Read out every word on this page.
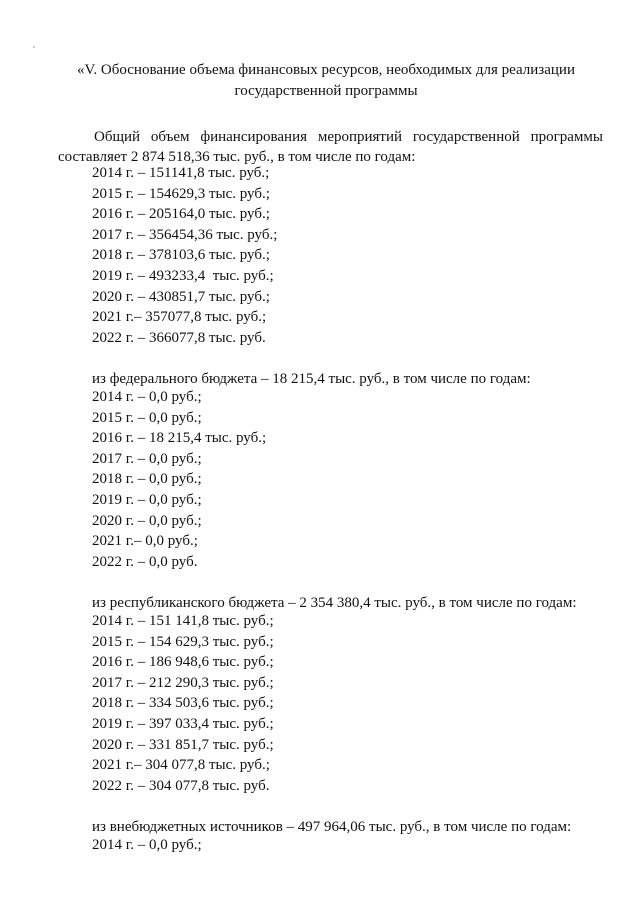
«V. Обоснование объема финансовых ресурсов, необходимых для реализации
государственной программы
Общий объем финансирования мероприятий государственной программы
составляет 2 874 518,36 тыс. руб., в том числе по годам:
2014 г. – 151141,8 тыс. руб.;
2015 г. – 154629,3 тыс. руб.;
2016 г. – 205164,0 тыс. руб.;
2017 г. – 356454,36 тыс. руб.;
2018 г. – 378103,6 тыс. руб.;
2019 г. – 493233,4  тыс. руб.;
2020 г. – 430851,7 тыс. руб.;
2021 г.– 357077,8 тыс. руб.;
2022 г. – 366077,8 тыс. руб.
из федерального бюджета – 18 215,4 тыс. руб., в том числе по годам:
2014 г. – 0,0 руб.;
2015 г. – 0,0 руб.;
2016 г. – 18 215,4 тыс. руб.;
2017 г. – 0,0 руб.;
2018 г. – 0,0 руб.;
2019 г. – 0,0 руб.;
2020 г. – 0,0 руб.;
2021 г.– 0,0 руб.;
2022 г. – 0,0 руб.
из республиканского бюджета – 2 354 380,4 тыс. руб., в том числе по годам:
2014 г. – 151 141,8 тыс. руб.;
2015 г. – 154 629,3 тыс. руб.;
2016 г. – 186 948,6 тыс. руб.;
2017 г. – 212 290,3 тыс. руб.;
2018 г. – 334 503,6 тыс. руб.;
2019 г. – 397 033,4 тыс. руб.;
2020 г. – 331 851,7 тыс. руб.;
2021 г.– 304 077,8 тыс. руб.;
2022 г. – 304 077,8 тыс. руб.
из внебюджетных источников – 497 964,06 тыс. руб., в том числе по годам:
2014 г. – 0,0 руб.;
